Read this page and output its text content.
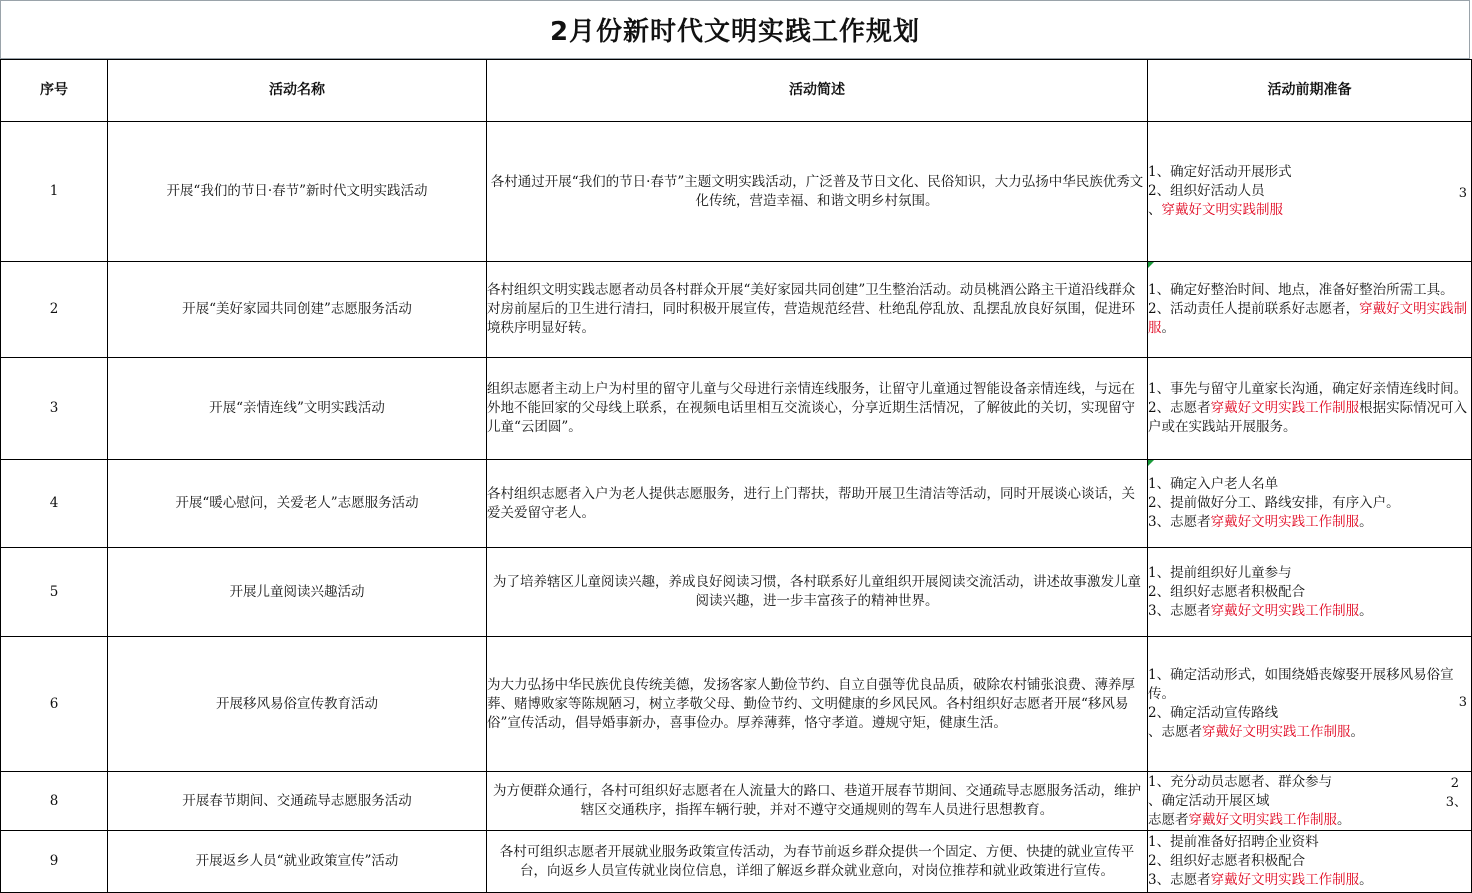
2月份新时代文明实践工作规划
序号	活动名称	活动简述	活动前期准备
1	开展“我们的节日·春节”新时代文明实践活动	各村通过开展“我们的节日·春节”主题文明实践活动，广泛普及节日文化、民俗知识，大力弘扬中华民族优秀文化传统，营造幸福、和谐文明乡村氛围。	1、确定好活动开展形式
2、组织好活动人员
、穿戴好文明实践制服
3

2	开展“美好家园共同创建”志愿服务活动	各村组织文明实践志愿者动员各村群众开展“美好家园共同创建”卫生整治活动。动员桃酒公路主干道沿线群众对房前屋后的卫生进行清扫，同时积极开展宣传，营造规范经营、杜绝乱停乱放、乱摆乱放良好氛围，促进环境秩序明显好转。	1、确定好整治时间、地点，准备好整治所需工具。
2、活动责任人提前联系好志愿者，穿戴好文明实践制服。
3	开展“亲情连线”文明实践活动	组织志愿者主动上户为村里的留守儿童与父母进行亲情连线服务，让留守儿童通过智能设备亲情连线，与远在外地不能回家的父母线上联系，在视频电话里相互交流谈心，分享近期生活情况，了解彼此的关切，实现留守儿童“云团圆”。	1、事先与留守儿童家长沟通，确定好亲情连线时间。
2、志愿者穿戴好文明实践工作制服根据实际情况可入户或在实践站开展服务。
4	开展“暖心慰问，关爱老人”志愿服务活动	各村组织志愿者入户为老人提供志愿服务，进行上门帮扶，帮助开展卫生清洁等活动，同时开展谈心谈话，关爱关爱留守老人。	1、确定入户老人名单
2、提前做好分工、路线安排，有序入户。
3、志愿者穿戴好文明实践工作制服。

5	开展儿童阅读兴趣活动	为了培养辖区儿童阅读兴趣，养成良好阅读习惯，各村联系好儿童组织开展阅读交流活动，讲述故事激发儿童阅读兴趣，进一步丰富孩子的精神世界。	1、提前组织好儿童参与
2、组织好志愿者积极配合
3、志愿者穿戴好文明实践工作制服。

6	开展移风易俗宣传教育活动	为大力弘扬中华民族优良传统美德，发扬客家人勤俭节约、自立自强等优良品质，破除农村铺张浪费、薄养厚葬、赌博败家等陈规陋习，树立孝敬父母、勤俭节约、文明健康的乡风民风。各村组织好志愿者开展“移风易俗”宣传活动，倡导婚事新办，喜事俭办。厚养薄葬，恪守孝道。遵规守矩，健康生活。	1、确定活动形式，如围绕婚丧嫁娶开展移风易俗宣传。
2、确定活动宣传路线
、志愿者穿戴好文明实践工作制服。
3

8	开展春节期间、交通疏导志愿服务活动	为方便群众通行，各村可组织好志愿者在人流量大的路口、巷道开展春节期间、交通疏导志愿服务活动，维护辖区交通秩序，指挥车辆行驶，并对不遵守交通规则的驾车人员进行思想教育。	1、充分动员志愿者、群众参与
、确定活动开展区域
志愿者穿戴好文明实践工作制服。
2
3、

9	开展返乡人员“就业政策宣传”活动	各村可组织志愿者开展就业服务政策宣传活动，为春节前返乡群众提供一个固定、方便、快捷的就业宣传平台，向返乡人员宣传就业岗位信息，详细了解返乡群众就业意向，对岗位推荐和就业政策进行宣传。	1、提前准备好招聘企业资料
2、组织好志愿者积极配合
3、志愿者穿戴好文明实践工作制服。
